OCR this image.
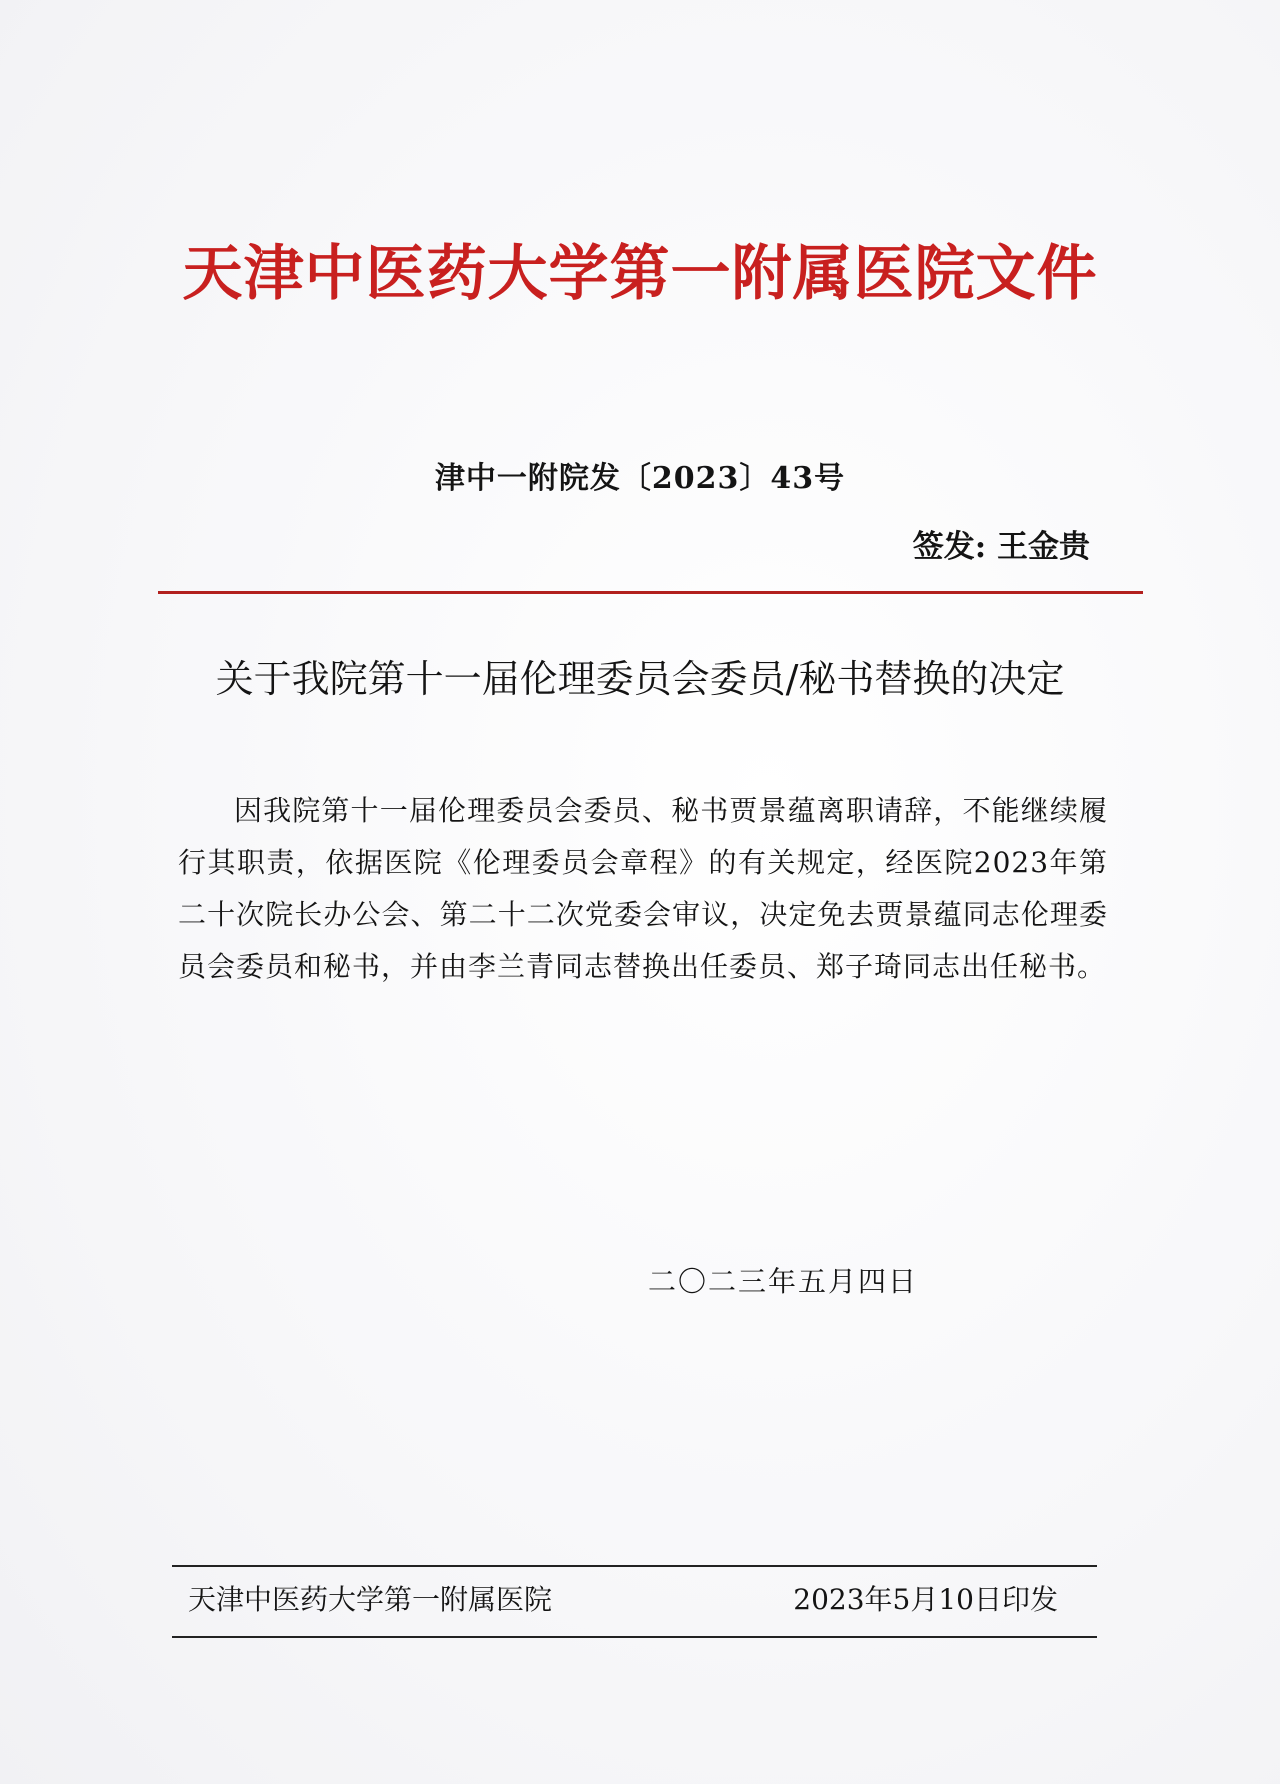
天津中医药大学第一附属医院文件
津中一附院发〔2023〕43号
签发: 王金贵
关于我院第十一届伦理委员会委员/秘书替换的决定
因我院第十一届伦理委员会委员、秘书贾景蕴离职请辞，不能继续履行其职责，依据医院《伦理委员会章程》的有关规定，经医院2023年第二十次院长办公会、第二十二次党委会审议，决定免去贾景蕴同志伦理委员会委员和秘书，并由李兰青同志替换出任委员、郑子琦同志出任秘书。
二〇二三年五月四日
天津中医药大学第一附属医院	2023年5月10日印发
